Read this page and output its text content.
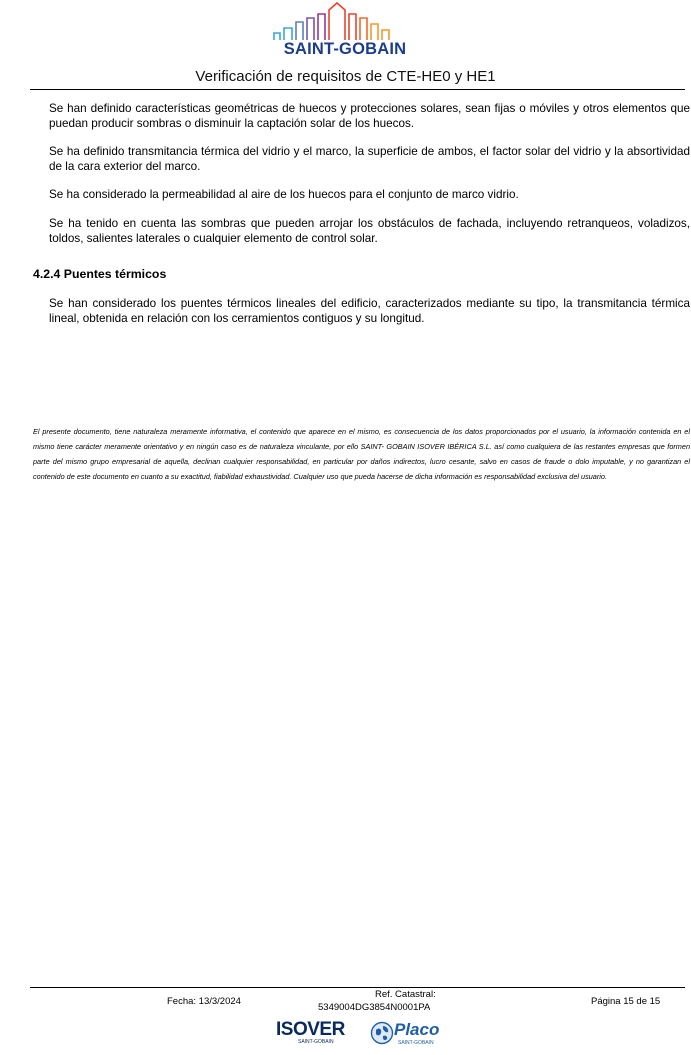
SAINT-GOBAIN
Verificación de requisitos de CTE-HE0 y HE1
Se han definido características geométricas de huecos y protecciones solares, sean fijas o móviles y otros elementos que puedan producir sombras o disminuir la captación solar de los huecos.
Se ha definido transmitancia térmica del vidrio y el marco, la superficie de ambos, el factor solar del vidrio y la absortividad de la cara exterior del marco.
Se ha considerado la permeabilidad al aire de los huecos para el conjunto de marco vidrio.
Se ha tenido en cuenta las sombras que pueden arrojar los obstáculos de fachada, incluyendo retranqueos, voladizos, toldos, salientes laterales o cualquier elemento de control solar.
4.2.4 Puentes térmicos
Se han considerado los puentes térmicos lineales del edificio, caracterizados mediante su tipo, la transmitancia térmica lineal, obtenida en relación con los cerramientos contiguos y su longitud.
El presente documento, tiene naturaleza meramente informativa, el contenido que aparece en el mismo, es consecuencia de los datos proporcionados por el usuario, la información contenida en el mismo tiene carácter meramente orientativo y en ningún caso es de naturaleza vinculante, por ello SAINT- GOBAIN ISOVER IBÉRICA S.L. así como cualquiera de las restantes empresas que formen parte del mismo grupo empresarial de aquella, declinan cualquier responsabilidad, en particular por daños indirectos, lucro cesante, salvo en casos de fraude o dolo imputable, y no garantizan el contenido de este documento en cuanto a su exactitud, fiabilidad exhaustividad. Cualquier uso que pueda hacerse de dicha información es responsabilidad exclusiva del usuario.
Fecha: 13/3/2024
Ref. Catastral:
5349004DG3854N0001PA
Página 15 de 15
ISOVER
SAINT-GOBAIN
Placo
SAINT-GOBAIN
